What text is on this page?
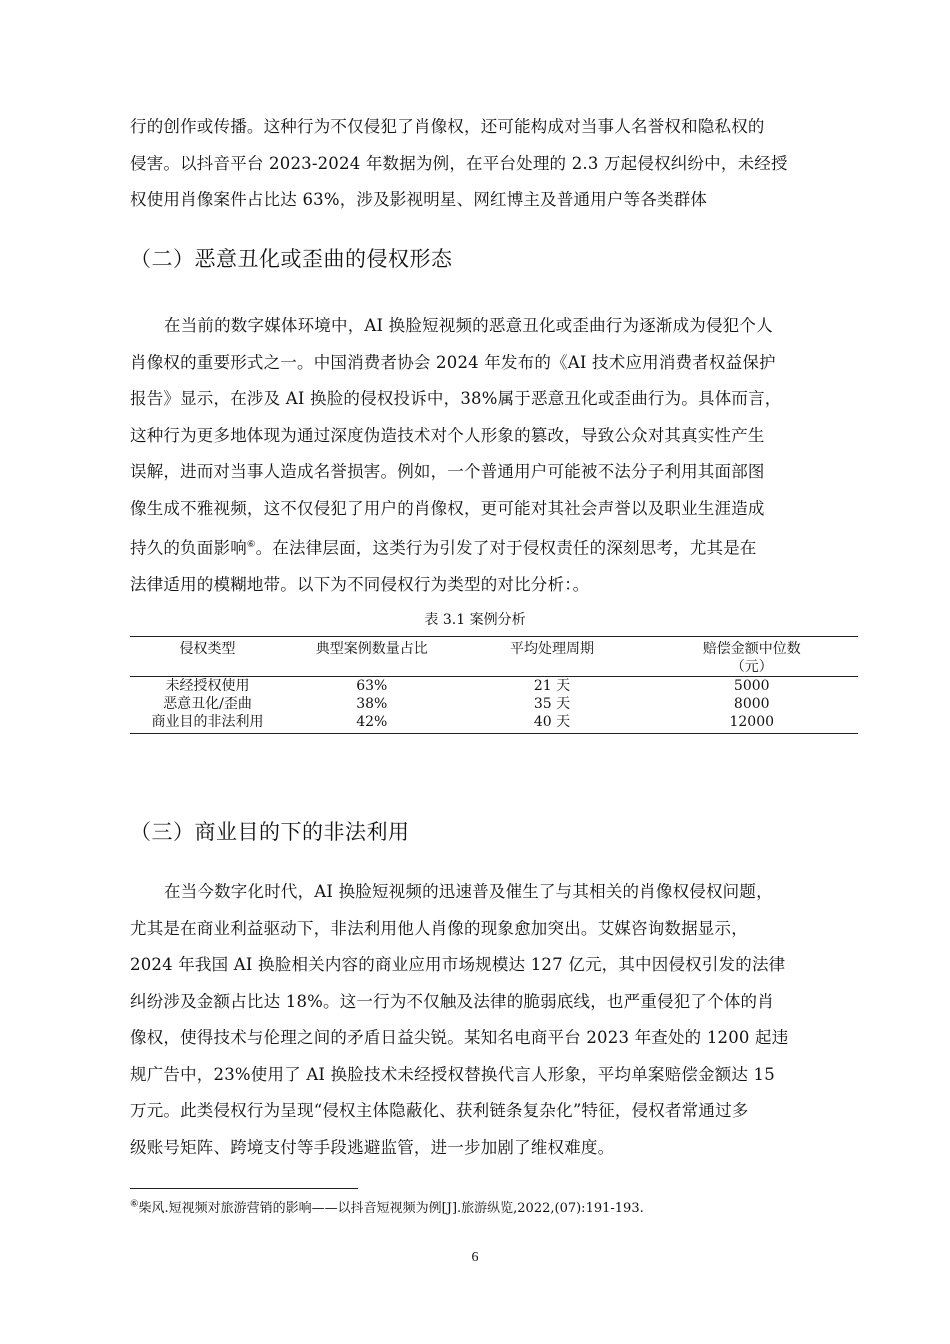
行的创作或传播。这种行为不仅侵犯了肖像权，还可能构成对当事人名誉权和隐私权的
侵害。以抖音平台 2023-2024 年数据为例，在平台处理的 2.3 万起侵权纠纷中，未经授
权使用肖像案件占比达 63%，涉及影视明星、网红博主及普通用户等各类群体
（二）恶意丑化或歪曲的侵权形态
在当前的数字媒体环境中，AI 换脸短视频的恶意丑化或歪曲行为逐渐成为侵犯个人
肖像权的重要形式之一。中国消费者协会 2024 年发布的《AI 技术应用消费者权益保护
报告》显示，在涉及 AI 换脸的侵权投诉中，38%属于恶意丑化或歪曲行为。具体而言，
这种行为更多地体现为通过深度伪造技术对个人形象的篡改，导致公众对其真实性产生
误解，进而对当事人造成名誉损害。例如，一个普通用户可能被不法分子利用其面部图
像生成不雅视频，这不仅侵犯了用户的肖像权，更可能对其社会声誉以及职业生涯造成
持久的负面影响⑥。在法律层面，这类行为引发了对于侵权责任的深刻思考，尤其是在
法律适用的模糊地带。以下为不同侵权行为类型的对比分析：。
表 3.1 案例分析
侵权类型	典型案例数量占比	平均处理周期	赔偿金额中位数（元）
未经授权使用	63%	21 天	5000
恶意丑化/歪曲	38%	35 天	8000
商业目的非法利用	42%	40 天	12000
（三）商业目的下的非法利用
在当今数字化时代，AI 换脸短视频的迅速普及催生了与其相关的肖像权侵权问题，
尤其是在商业利益驱动下，非法利用他人肖像的现象愈加突出。艾媒咨询数据显示，
2024 年我国 AI 换脸相关内容的商业应用市场规模达 127 亿元，其中因侵权引发的法律
纠纷涉及金额占比达 18%。这一行为不仅触及法律的脆弱底线，也严重侵犯了个体的肖
像权，使得技术与伦理之间的矛盾日益尖锐。某知名电商平台 2023 年查处的 1200 起违
规广告中，23%使用了 AI 换脸技术未经授权替换代言人形象，平均单案赔偿金额达 15
万元。此类侵权行为呈现“侵权主体隐蔽化、获利链条复杂化”特征，侵权者常通过多
级账号矩阵、跨境支付等手段逃避监管，进一步加剧了维权难度。
⑥柴风.短视频对旅游营销的影响——以抖音短视频为例[J].旅游纵览,2022,(07):191-193.
6
